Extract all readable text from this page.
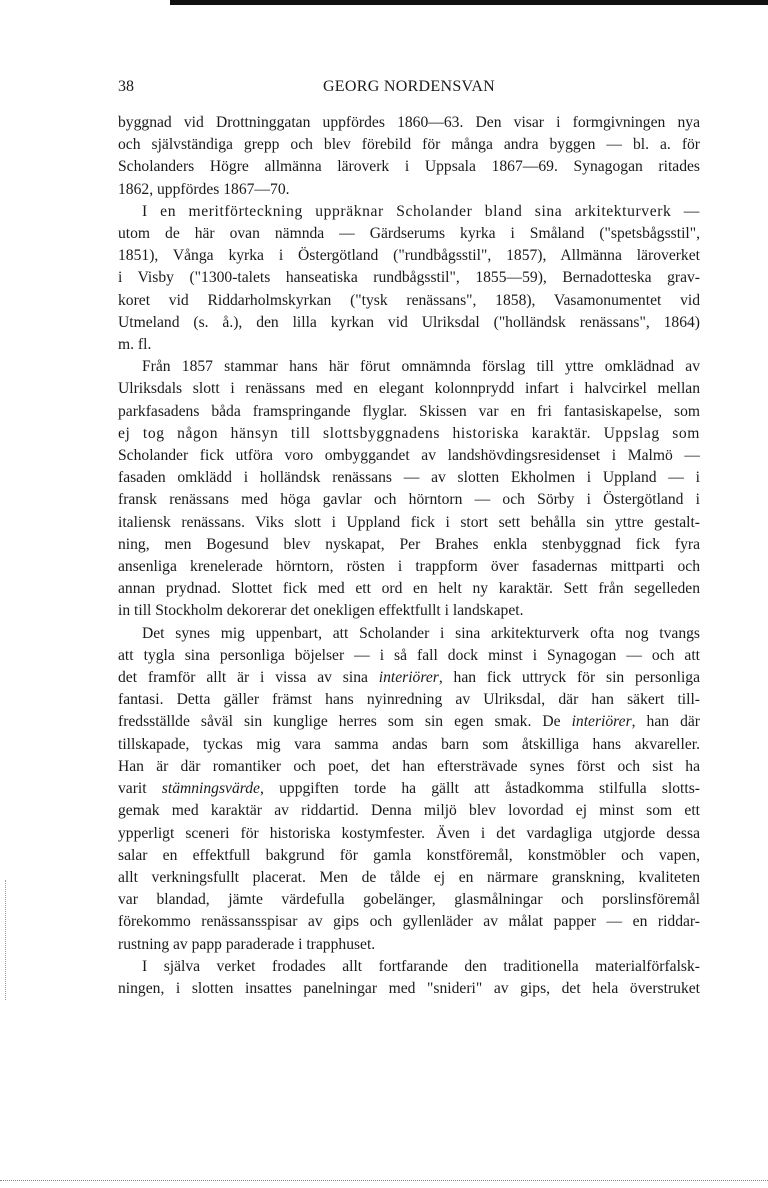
38	GEORG NORDENSVAN
byggnad vid Drottninggatan uppfördes 1860—63. Den visar i formgivningen nya
och självständiga grepp och blev förebild för många andra byggen — bl. a. för
Scholanders Högre allmänna läroverk i Uppsala 1867—69. Synagogan ritades
1862, uppfördes 1867—70.
I en meritförteckning uppräknar Scholander bland sina arkitekturverk —
utom de här ovan nämnda — Gärdserums kyrka i Småland ("spetsbågsstil",
1851), Vånga kyrka i Östergötland ("rundbågsstil", 1857), Allmänna läroverket
i Visby ("1300-talets hanseatiska rundbågsstil", 1855—59), Bernadotteska grav-
koret vid Riddarholmskyrkan ("tysk renässans", 1858), Vasamonumentet vid
Utmeland (s. å.), den lilla kyrkan vid Ulriksdal ("holländsk renässans", 1864)
m. fl.
Från 1857 stammar hans här förut omnämnda förslag till yttre omklädnad av
Ulriksdals slott i renässans med en elegant kolonnprydd infart i halvcirkel mellan
parkfasadens båda framspringande flyglar. Skissen var en fri fantasiskapelse, som
ej tog någon hänsyn till slottsbyggnadens historiska karaktär. Uppslag som
Scholander fick utföra voro ombyggandet av landshövdingsresidenset i Malmö —
fasaden omklädd i holländsk renässans — av slotten Ekholmen i Uppland — i
fransk renässans med höga gavlar och hörntorn — och Sörby i Östergötland i
italiensk renässans. Viks slott i Uppland fick i stort sett behålla sin yttre gestalt-
ning, men Bogesund blev nyskapat, Per Brahes enkla stenbyggnad fick fyra
ansenliga krenelerade hörntorn, rösten i trappform över fasadernas mittparti och
annan prydnad. Slottet fick med ett ord en helt ny karaktär. Sett från segelleden
in till Stockholm dekorerar det onekligen effektfullt i landskapet.
Det synes mig uppenbart, att Scholander i sina arkitekturverk ofta nog tvangs
att tygla sina personliga böjelser — i så fall dock minst i Synagogan — och att
det framför allt är i vissa av sina interiörer, han fick uttryck för sin personliga
fantasi. Detta gäller främst hans nyinredning av Ulriksdal, där han säkert till-
fredsställde såväl sin kunglige herres som sin egen smak. De interiörer, han där
tillskapade, tyckas mig vara samma andas barn som åtskilliga hans akvareller.
Han är där romantiker och poet, det han eftersträvade synes först och sist ha
varit stämningsvärde, uppgiften torde ha gällt att åstadkomma stilfulla slotts-
gemak med karaktär av riddartid. Denna miljö blev lovordad ej minst som ett
ypperligt sceneri för historiska kostymfester. Även i det vardagliga utgjorde dessa
salar en effektfull bakgrund för gamla konstföremål, konstmöbler och vapen,
allt verkningsfullt placerat. Men de tålde ej en närmare granskning, kvaliteten
var blandad, jämte värdefulla gobelänger, glasmålningar och porslinsföremål
förekommo renässansspisar av gips och gyllenläder av målat papper — en riddar-
rustning av papp paraderade i trapphuset.
I själva verket frodades allt fortfarande den traditionella materialförfalsk-
ningen, i slotten insattes panelningar med "snideri" av gips, det hela överstruket
